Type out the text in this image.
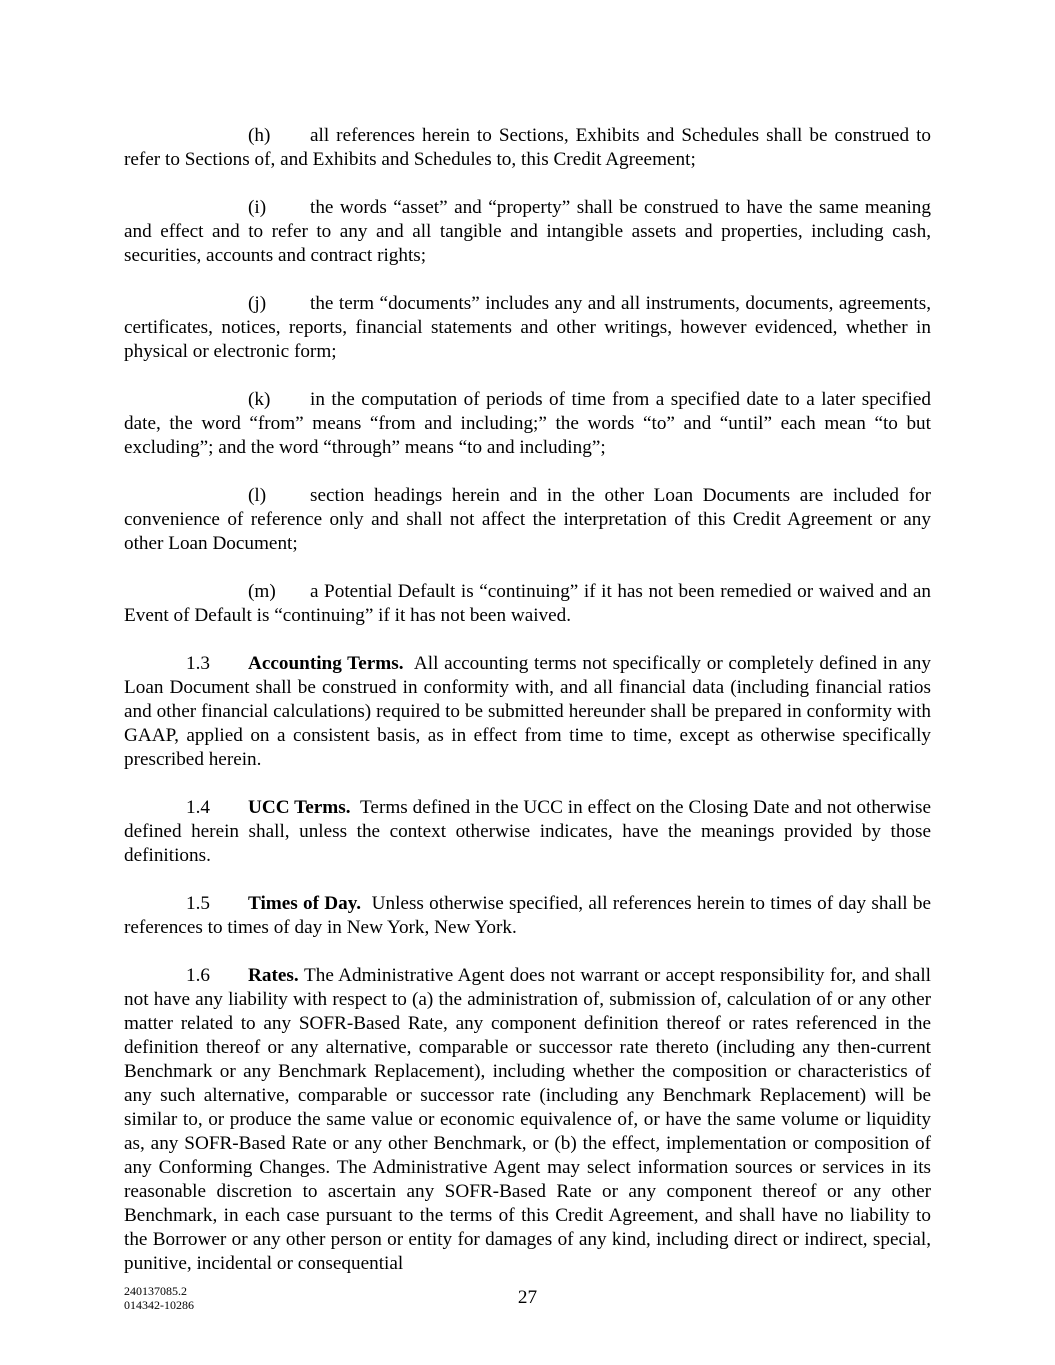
(h) all references herein to Sections, Exhibits and Schedules shall be construed to refer to Sections of, and Exhibits and Schedules to, this Credit Agreement;

(i) the words “asset” and “property” shall be construed to have the same meaning and effect and to refer to any and all tangible and intangible assets and properties, including cash, securities, accounts and contract rights;

(j) the term “documents” includes any and all instruments, documents, agreements, certificates, notices, reports, financial statements and other writings, however evidenced, whether in physical or electronic form;

(k) in the computation of periods of time from a specified date to a later specified date, the word “from” means “from and including;” the words “to” and “until” each mean “to but excluding”; and the word “through” means “to and including”;

(l) section headings herein and in the other Loan Documents are included for convenience of reference only and shall not affect the interpretation of this Credit Agreement or any other Loan Document;

(m) a Potential Default is “continuing” if it has not been remedied or waived and an Event of Default is “continuing” if it has not been waived.

1.3 Accounting Terms. All accounting terms not specifically or completely defined in any Loan Document shall be construed in conformity with, and all financial data (including financial ratios and other financial calculations) required to be submitted hereunder shall be prepared in conformity with GAAP, applied on a consistent basis, as in effect from time to time, except as otherwise specifically prescribed herein.

1.4 UCC Terms. Terms defined in the UCC in effect on the Closing Date and not otherwise defined herein shall, unless the context otherwise indicates, have the meanings provided by those definitions.

1.5 Times of Day. Unless otherwise specified, all references herein to times of day shall be references to times of day in New York, New York.

1.6 Rates. The Administrative Agent does not warrant or accept responsibility for, and shall not have any liability with respect to (a) the administration of, submission of, calculation of or any other matter related to any SOFR-Based Rate, any component definition thereof or rates referenced in the definition thereof or any alternative, comparable or successor rate thereto (including any then-current Benchmark or any Benchmark Replacement), including whether the composition or characteristics of any such alternative, comparable or successor rate (including any Benchmark Replacement) will be similar to, or produce the same value or economic equivalence of, or have the same volume or liquidity as, any SOFR-Based Rate or any other Benchmark, or (b) the effect, implementation or composition of any Conforming Changes. The Administrative Agent may select information sources or services in its reasonable discretion to ascertain any SOFR-Based Rate or any component thereof or any other Benchmark, in each case pursuant to the terms of this Credit Agreement, and shall have no liability to the Borrower or any other person or entity for damages of any kind, including direct or indirect, special, punitive, incidental or consequential

240137085.2
014342-10286	27
